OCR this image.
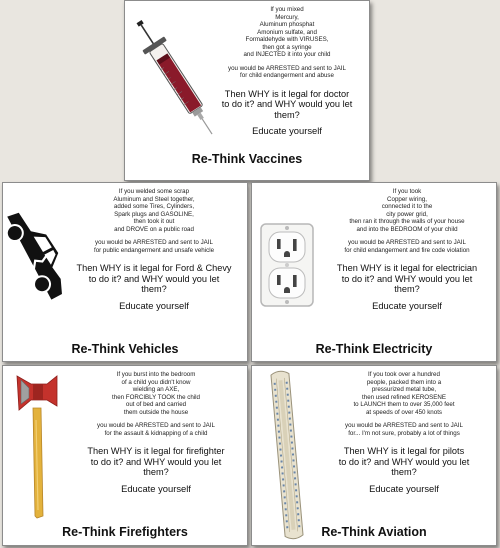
If you mixed
Mercury,
Aluminum phosphat
Amonium sulfate, and
Formaldehyde with VIRUSES,
then got a syringe
and INJECTED it into your child
you would be ARRESTED and sent to JAIL
for child endangerment and abuse
Then WHY is it legal for doctor
to do it? and WHY would you let
them?
Educate yourself
Re-Think Vaccines
If you welded some scrap
Aluminum and Steel together,
added some Tires, Cylinders,
Spark plugs and GASOLINE,
then took it out
and DROVE on a public road
you would be ARRESTED and sent to JAIL
for public endangerment and unsafe vehicle
Then WHY is it legal for Ford & Chevy
to do it? and WHY would you let
them?
Educate yourself
Re-Think Vehicles
If you took
Copper wiring,
connected it to the
city power grid,
then ran it through the walls of your house
and into the BEDROOM of your child
you would be ARRESTED and sent to JAIL
for child endangerment and fire code violation
Then WHY is it legal for electrician
to do it? and WHY would you let
them?
Educate yourself
Re-Think Electricity
If you burst into the bedroom
of a child you didn't know
wielding an AXE,
then FORCIBLY TOOK the child
out of bed and carried
them outside the house
you would be ARRESTED and sent to JAIL
for the assault & kidnapping of a child
Then WHY is it legal for firefighter
to do it? and WHY would you let
them?
Educate yourself
Re-Think Firefighters
If you took over a hundred
people, packed them into a
pressurized metal tube,
then used refined KEROSENE
to LAUNCH them to over 35,000 feet
at speeds of over 450 knots
you would be ARRESTED and sent to JAIL
for... I'm not sure, probably a lot of things
Then WHY is it legal for pilots
to do it? and WHY would you let
them?
Educate yourself
Re-Think Aviation
